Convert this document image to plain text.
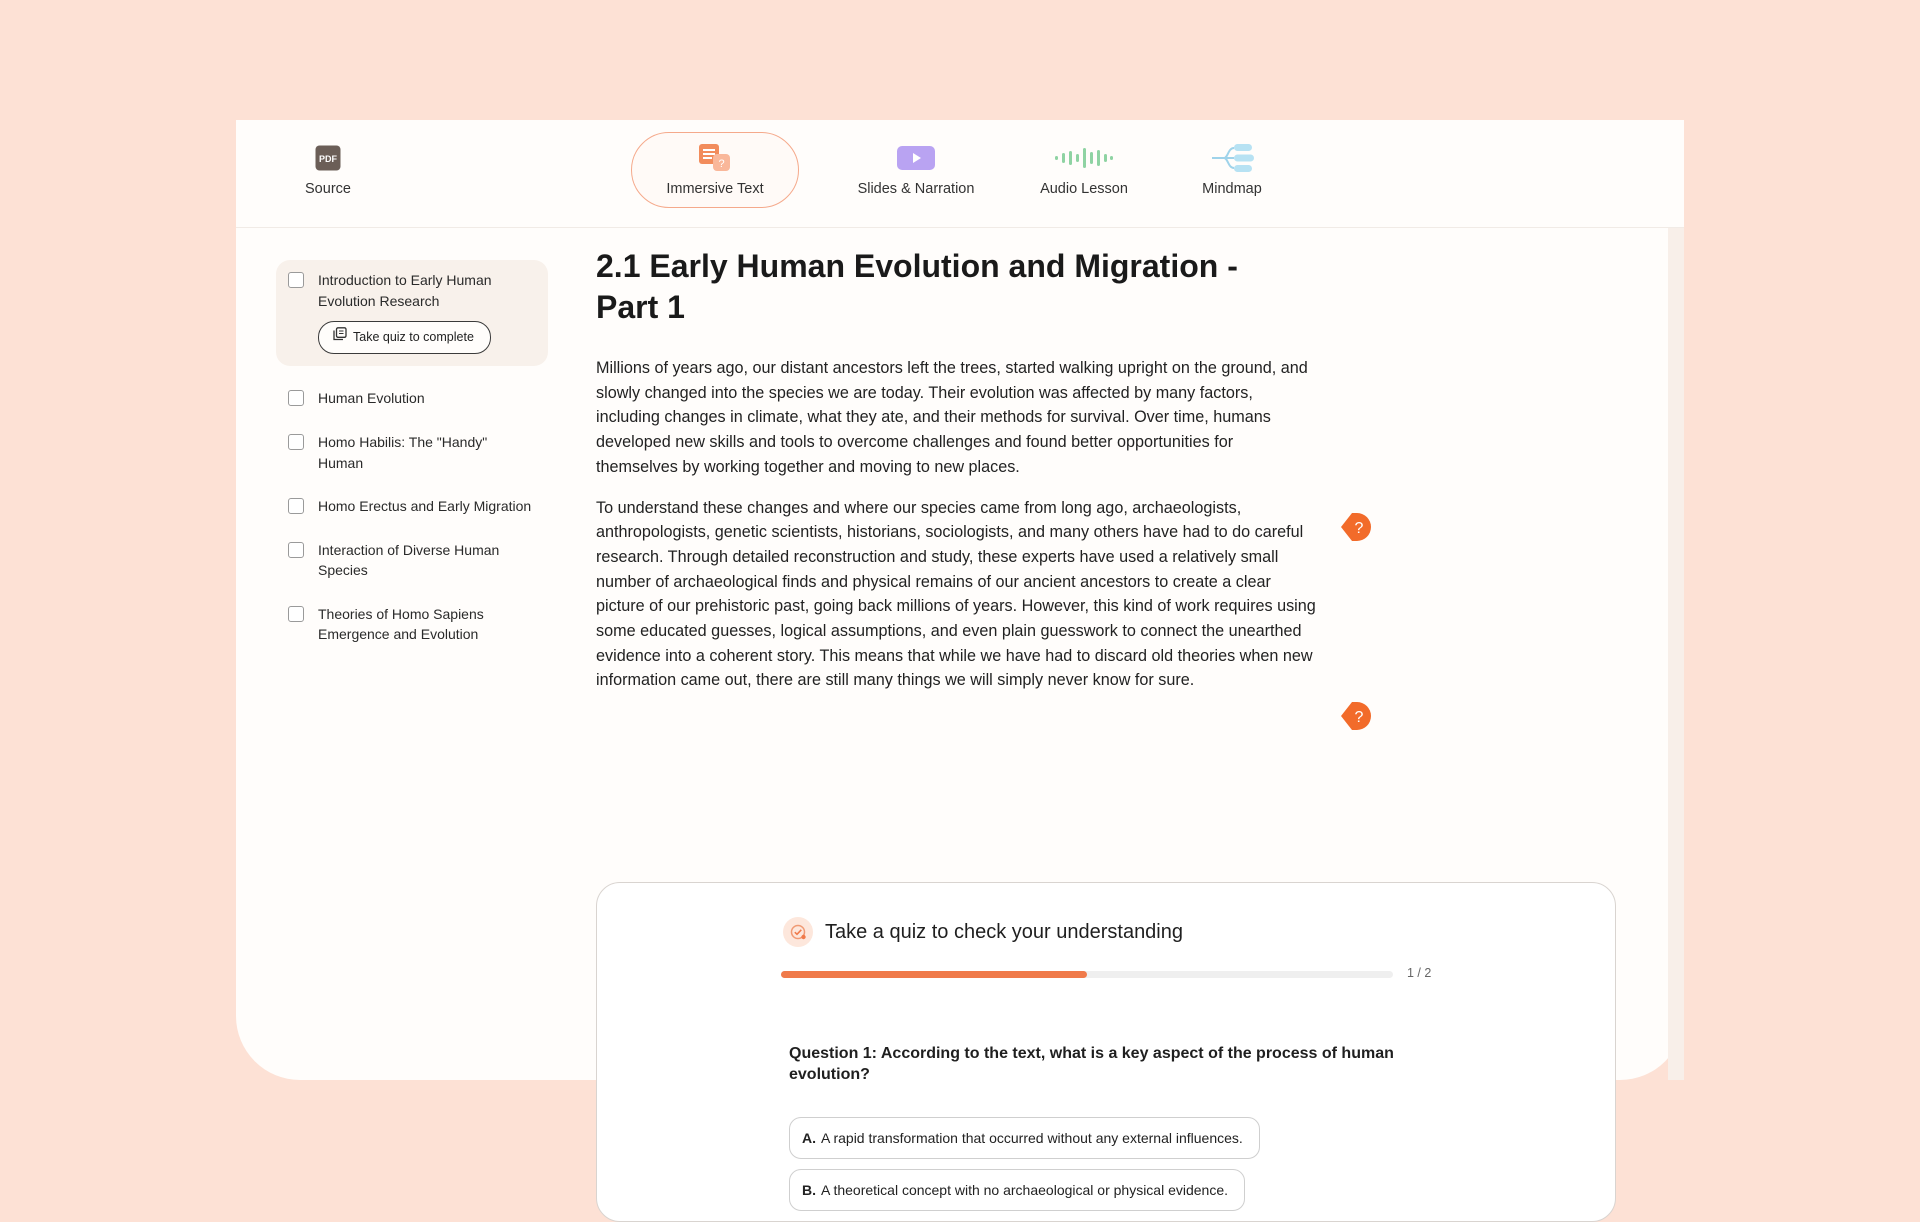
PDF
Source
?
Immersive Text	Slides & Narration	Audio Lesson	Mindmap
Introduction to Early Human Evolution Research
Take quiz to complete
Human Evolution
Homo Habilis: The "Handy" Human
Homo Erectus and Early Migration
Interaction of Diverse Human Species
Theories of Homo Sapiens Emergence and Evolution
2.1 Early Human Evolution and Migration - Part 1

Millions of years ago, our distant ancestors left the trees, started walking upright on the ground, and slowly changed into the species we are today. Their evolution was affected by many factors, including changes in climate, what they ate, and their methods for survival. Over time, humans developed new skills and tools to overcome challenges and found better opportunities for themselves by working together and moving to new places.

To understand these changes and where our species came from long ago, archaeologists, anthropologists, genetic scientists, historians, sociologists, and many others have had to do careful research. Through detailed reconstruction and study, these experts have used a relatively small number of archaeological finds and physical remains of our ancient ancestors to create a clear picture of our prehistoric past, going back millions of years. However, this kind of work requires using some educated guesses, logical assumptions, and even plain guesswork to connect the unearthed evidence into a coherent story. This means that while we have had to discard old theories when new information came out, there are still many things we will simply never know for sure.

?
?
Take a quiz to check your understanding
1 / 2
Question 1: According to the text, what is a key aspect of the process of human evolution?
A. A rapid transformation that occurred without any external influences.
B. A theoretical concept with no archaeological or physical evidence.
